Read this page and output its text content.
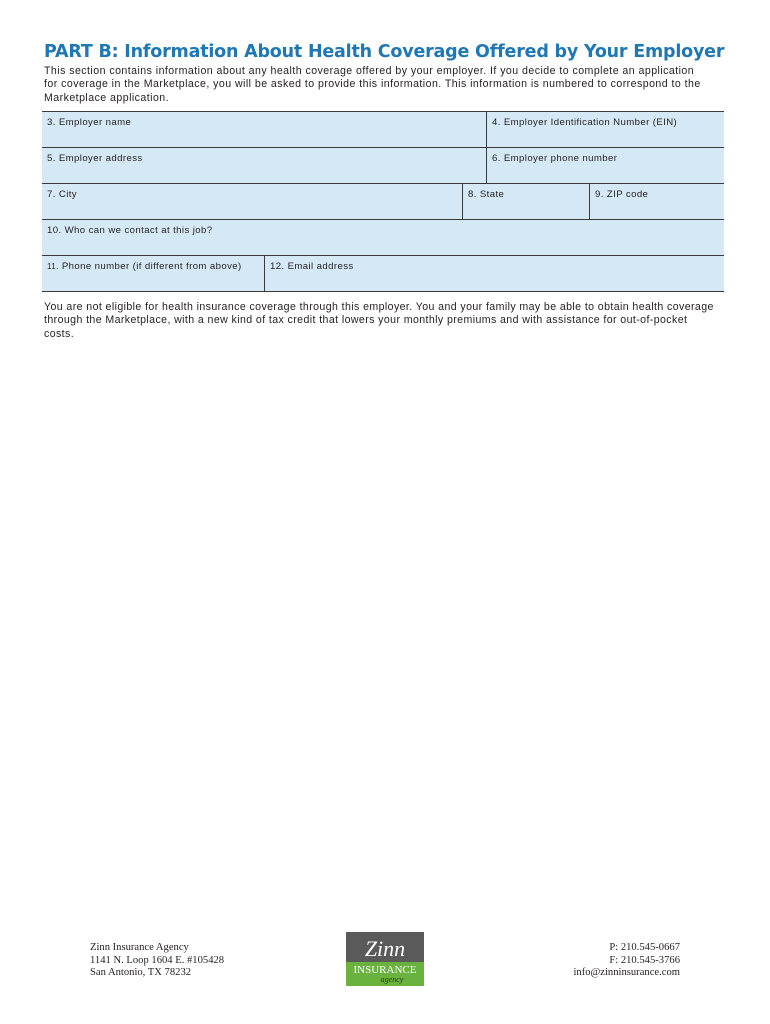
PART B: Information About Health Coverage Offered by Your Employer
This section contains information about any health coverage offered by your employer. If you decide to complete an application for coverage in the Marketplace, you will be asked to provide this information. This information is numbered to correspond to the Marketplace application.
3. Employer name	4. Employer Identification Number (EIN)
5. Employer address	6. Employer phone number
7. City	8. State	9. ZIP code
10. Who can we contact at this job?
11. Phone number (if different from above)	12. Email address
You are not eligible for health insurance coverage through this employer. You and your family may be able to obtain health coverage through the Marketplace, with a new kind of tax credit that lowers your monthly premiums and with assistance for out-of-pocket costs.
Zinn Insurance Agency
1141 N. Loop 1604 E. #105428
San Antonio, TX 78232
Zinn
INSURANCE
agency
P: 210.545-0667
F: 210.545-3766
info@zinninsurance.com
